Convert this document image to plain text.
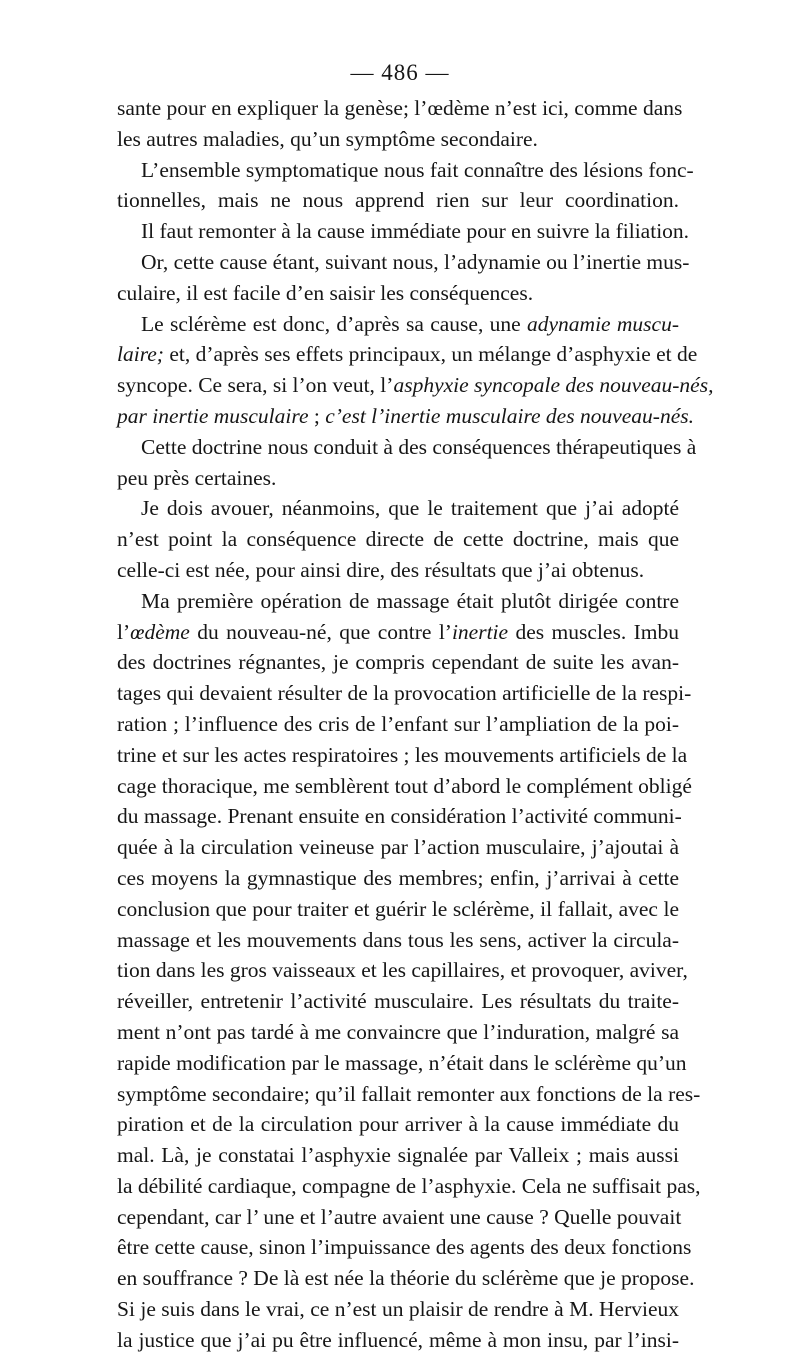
— 486 —
sante pour en expliquer la genèse; l’œdème n’est ici, comme dans
les autres maladies, qu’un symptôme secondaire.
L’ensemble symptomatique nous fait connaître des lésions fonc-
tionnelles, mais ne nous apprend rien sur leur coordination.
Il faut remonter à la cause immédiate pour en suivre la filiation.
Or, cette cause étant, suivant nous, l’adynamie ou l’inertie mus-
culaire, il est facile d’en saisir les conséquences.
Le sclérème est donc, d’après sa cause, une adynamie muscu-
laire; et, d’après ses effets principaux, un mélange d’asphyxie et de
syncope. Ce sera, si l’on veut, l’asphyxie syncopale des nouveau-nés,
par inertie musculaire ; c’est l’inertie musculaire des nouveau-nés.
Cette doctrine nous conduit à des conséquences thérapeutiques à
peu près certaines.
Je dois avouer, néanmoins, que le traitement que j’ai adopté
n’est point la conséquence directe de cette doctrine, mais que
celle-ci est née, pour ainsi dire, des résultats que j’ai obtenus.
Ma première opération de massage était plutôt dirigée contre
l’œdème du nouveau-né, que contre l’inertie des muscles. Imbu
des doctrines régnantes, je compris cependant de suite les avan-
tages qui devaient résulter de la provocation artificielle de la respi-
ration ; l’influence des cris de l’enfant sur l’ampliation de la poi-
trine et sur les actes respiratoires ; les mouvements artificiels de la
cage thoracique, me semblèrent tout d’abord le complément obligé
du massage. Prenant ensuite en considération l’activité communi-
quée à la circulation veineuse par l’action musculaire, j’ajoutai à
ces moyens la gymnastique des membres; enfin, j’arrivai à cette
conclusion que pour traiter et guérir le sclérème, il fallait, avec le
massage et les mouvements dans tous les sens, activer la circula-
tion dans les gros vaisseaux et les capillaires, et provoquer, aviver,
réveiller, entretenir l’activité musculaire. Les résultats du traite-
ment n’ont pas tardé à me convaincre que l’induration, malgré sa
rapide modification par le massage, n’était dans le sclérème qu’un
symptôme secondaire; qu’il fallait remonter aux fonctions de la res-
piration et de la circulation pour arriver à la cause immédiate du
mal. Là, je constatai l’asphyxie signalée par Valleix ; mais aussi
la débilité cardiaque, compagne de l’asphyxie. Cela ne suffisait pas,
cependant, car l’ une et l’autre avaient une cause ? Quelle pouvait
être cette cause, sinon l’impuissance des agents des deux fonctions
en souffrance ? De là est née la théorie du sclérème que je propose.
Si je suis dans le vrai, ce n’est un plaisir de rendre à M. Hervieux
la justice que j’ai pu être influencé, même à mon insu, par l’insi-
